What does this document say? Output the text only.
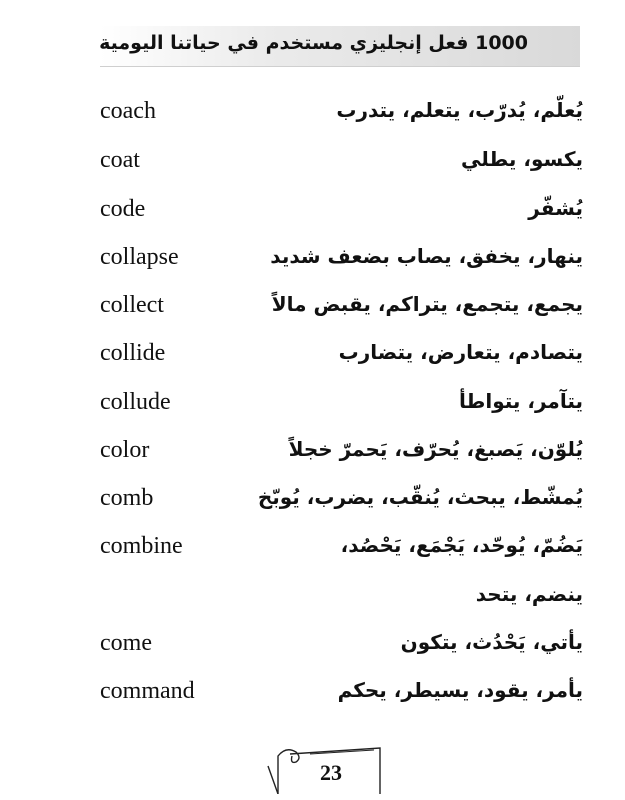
1000 فعل إنجليزي مستخدم في حياتنا اليومية
coach	يُعلّم، يُدرّب، يتعلم، يتدرب
coat	يكسو، يطلي
code	يُشفّر
collapse	ينهار، يخفق، يصاب بضعف شديد
collect	يجمع، يتجمع، يتراكم، يقبض مالاً
collide	يتصادم، يتعارض، يتضارب
collude	يتآمر، يتواطأ
color	يُلوّن، يَصبغ، يُحرّف، يَحمرّ خجلاً
comb	يُمشّط، يبحث، يُنقّب، يضرب، يُوبّخ
combine	يَضُمّ، يُوحّد، يَجْمَع، يَحْصُد،
ينضم، يتحد
come	يأتي، يَحْدُث، يتكون
command	يأمر، يقود، يسيطر، يحكم
23
